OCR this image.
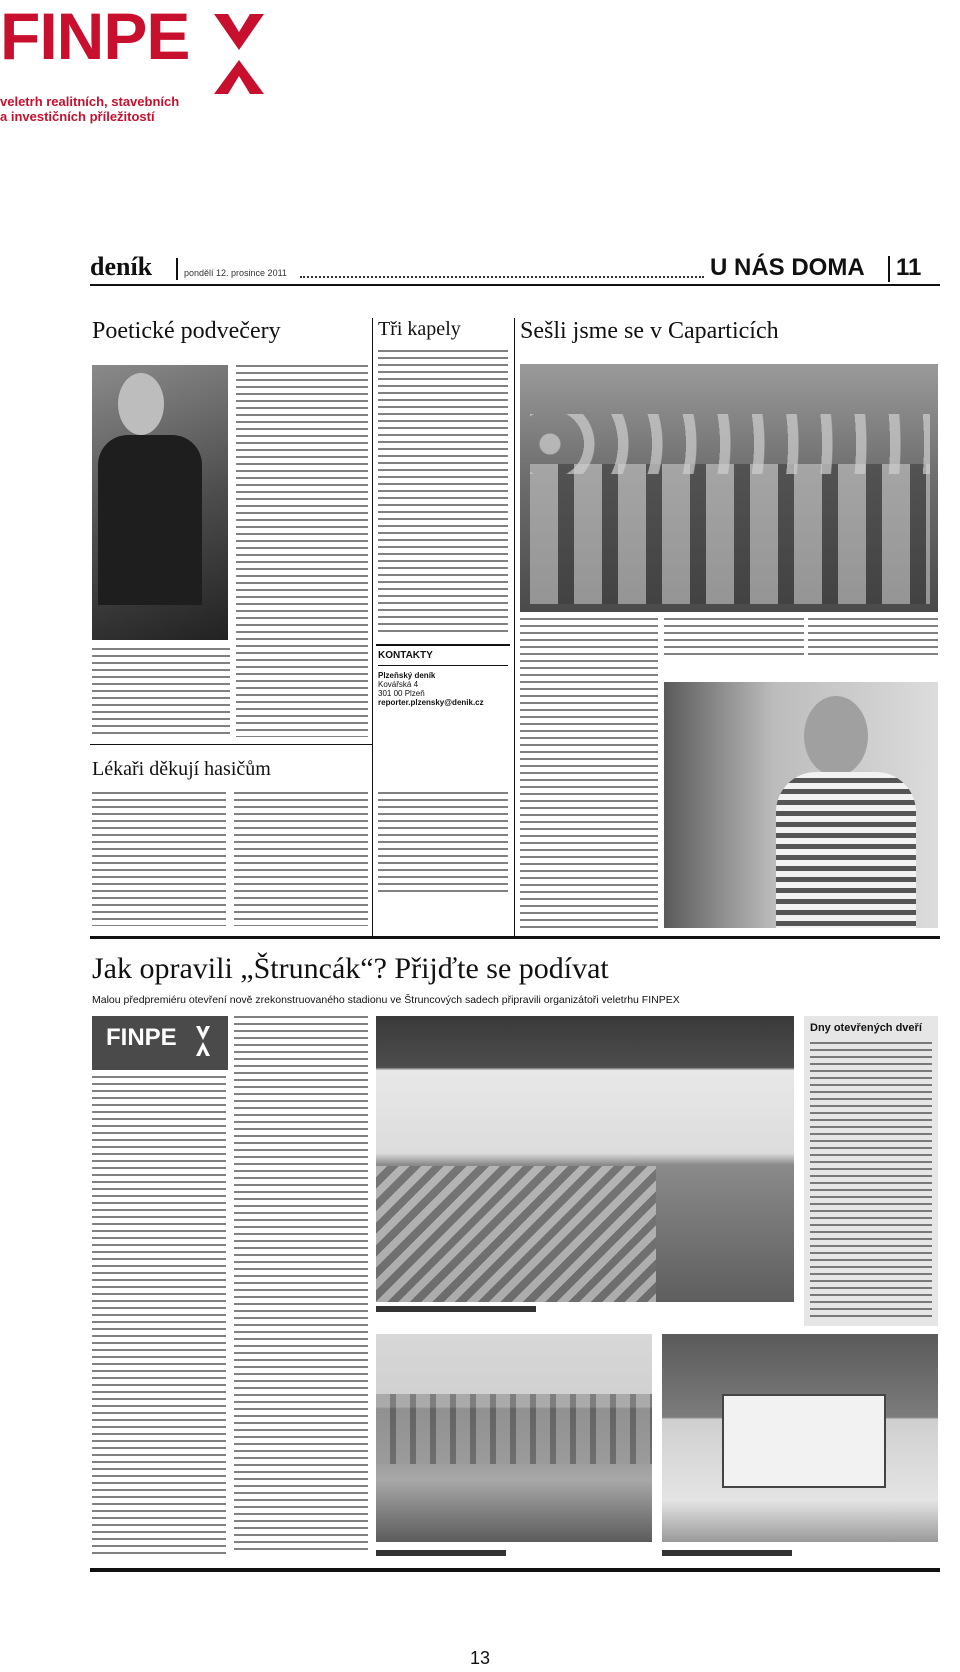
FINPE
veletrh realitních, stavebních
a investičních příležitostí
deník	pondělí 12. prosince 2011	U NÁS DOMA 11
Poetické podvečery	Tři kapely
KONTAKTY
Plzeňský deník
Kovářská 4
301 00 Plzeň
reporter.plzensky@denik.cz
Sešli jsme se v Caparticích
Lékaři děkují hasičům
Jak opravili „Štruncák“? Přijďte se podívat
Malou předpremiéru otevření nově zrekonstruovaného stadionu ve Štruncových sadech připravili organizátoři veletrhu FINPEX
FINPE	Dny otevřených dveří
13
